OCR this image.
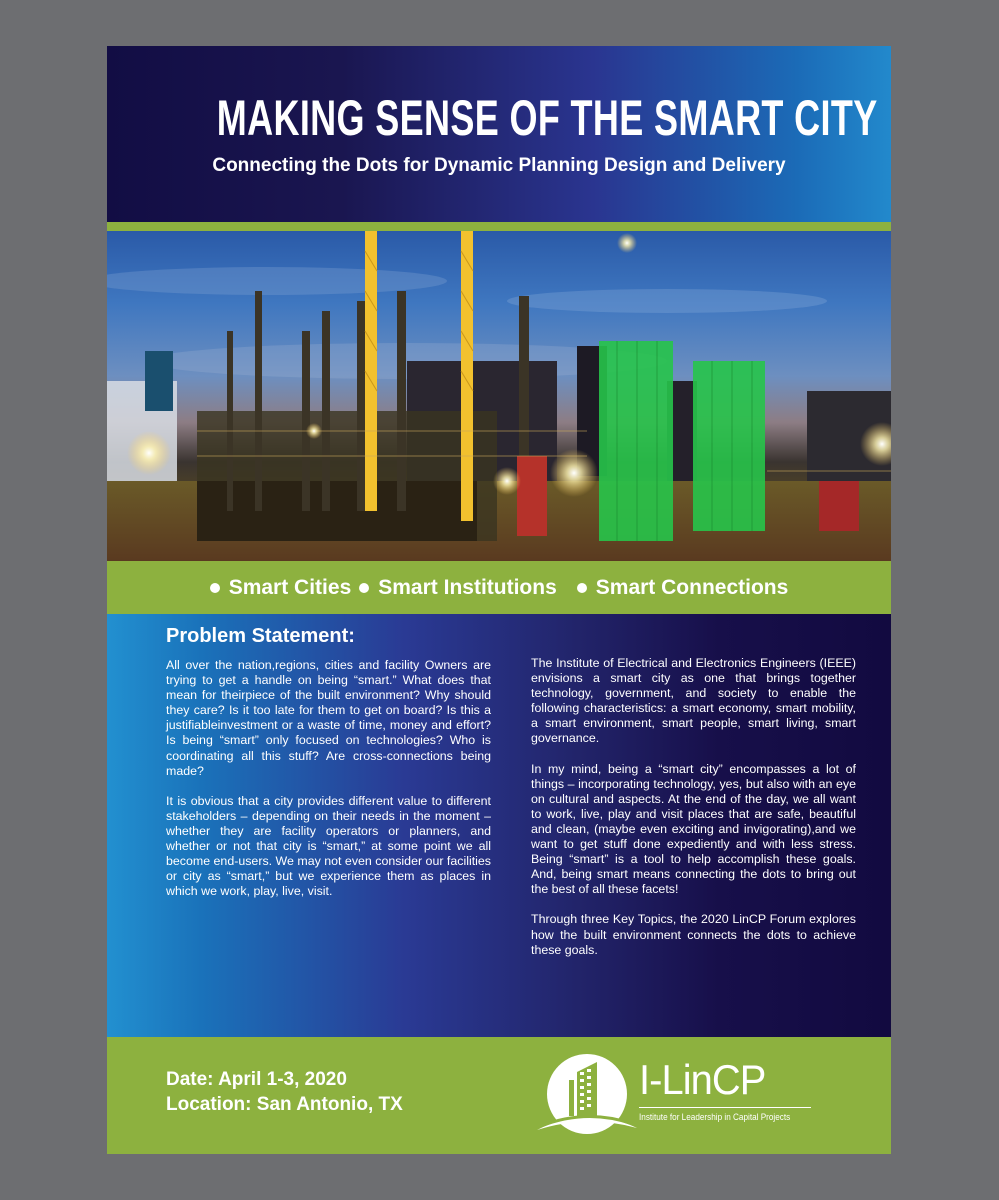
MAKING SENSE OF THE SMART CITY
Connecting the Dots for Dynamic Planning Design and Delivery
Smart Cities Smart Institutions Smart Connections
Problem Statement:

All over the nation,regions, cities and facility Owners are trying to get a handle on being “smart.” What does that mean for theirpiece of the built environment? Why should they care? Is it too late for them to get on board? Is this a justifiableinvestment or a waste of time, money and effort? Is being “smart” only focused on technologies? Who is coordinating all this stuff? Are cross-connections being made?

It is obvious that a city provides different value to different stakeholders – depending on their needs in the moment – whether they are facility operators or planners, and whether or not that city is “smart,” at some point we all become end-users. We may not even consider our facilities or city as “smart,” but we experience them as places in which we work, play, live, visit.

The Institute of Electrical and Electronics Engineers (IEEE) envisions a smart city as one that brings together technology, government, and society to enable the following characteristics: a smart economy, smart mobility, a smart environment, smart people, smart living, smart governance.

In my mind, being a “smart city” encompasses a lot of things – incorporating technology, yes, but also with an eye on cultural and aspects. At the end of the day, we all want to work, live, play and visit places that are safe, beautiful and clean, (maybe even exciting and invigorating),and we want to get stuff done expediently and with less stress. Being “smart” is a tool to help accomplish these goals. And, being smart means connecting the dots to bring out the best of all these facets!

Through three Key Topics, the 2020 LinCP Forum explores how the built environment connects the dots to achieve these goals.

Date: April 1-3, 2020
Location: San Antonio, TX
I-LinCP
Institute for Leadership in Capital Projects
